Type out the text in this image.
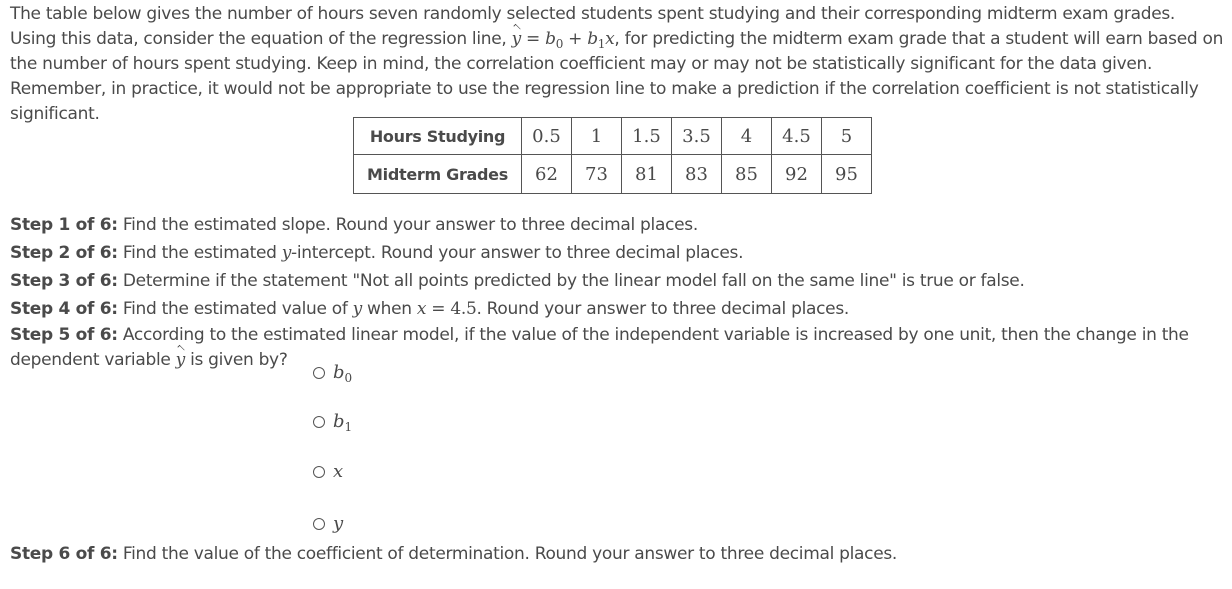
The table below gives the number of hours seven randomly selected students spent studying and their corresponding midterm exam grades. Using this data, consider the equation of the regression line, $y = b_0 + b_1x$, for predicting the midterm exam grade that a student will earn based on the number of hours spent studying. Keep in mind, the correlation coefficient may or may not be statistically significant for the data given. Remember, in practice, it would not be appropriate to use the regression line to make a prediction if the correlation coefficient is not statistically significant.
Hours Studying	0.5	1	1.5	3.5	4	4.5	5
Midterm Grades	62	73	81	83	85	92	95
Step 1 of 6: Find the estimated slope. Round your answer to three decimal places.
Step 2 of 6: Find the estimated y-intercept. Round your answer to three decimal places.
Step 3 of 6: Determine if the statement "Not all points predicted by the linear model fall on the same line" is true or false.
Step 4 of 6: Find the estimated value of y when x = 4.5. Round your answer to three decimal places.
Step 5 of 6: According to the estimated linear model, if the value of the independent variable is increased by one unit, then the change in the
dependent variable y is given by?
$b_0$
$b_1$
x
y
Step 6 of 6: Find the value of the coefficient of determination. Round your answer to three decimal places.
